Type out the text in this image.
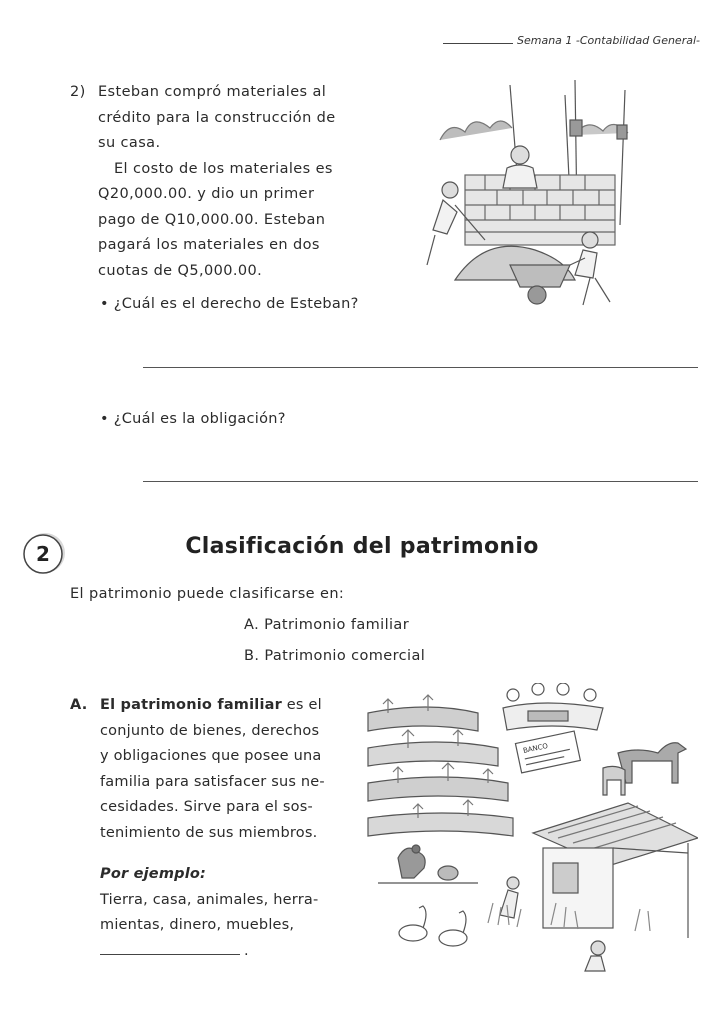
Semana 1 -Contabilidad General-
2) Esteban compró materiales al
crédito para la construcción de
su casa.
El costo de los materiales es
Q20,000.00. y dio un primer
pago de Q10,000.00. Esteban
pagará los materiales en dos
cuotas de Q5,000.00.
• ¿Cuál es el derecho de Esteban?
• ¿Cuál es la obligación?
2	Clasificación del patrimonio
El patrimonio puede clasificarse en:
A. Patrimonio familiar
B. Patrimonio comercial
A. El patrimonio familiar es el
conjunto de bienes, derechos
y obligaciones que posee una
familia para satisfacer sus ne-
cesidades. Sirve para el sos-
tenimiento de sus miembros.
Por ejemplo:
Tierra, casa, animales, herra-
mientas, dinero, muebles,
.
BANCO
